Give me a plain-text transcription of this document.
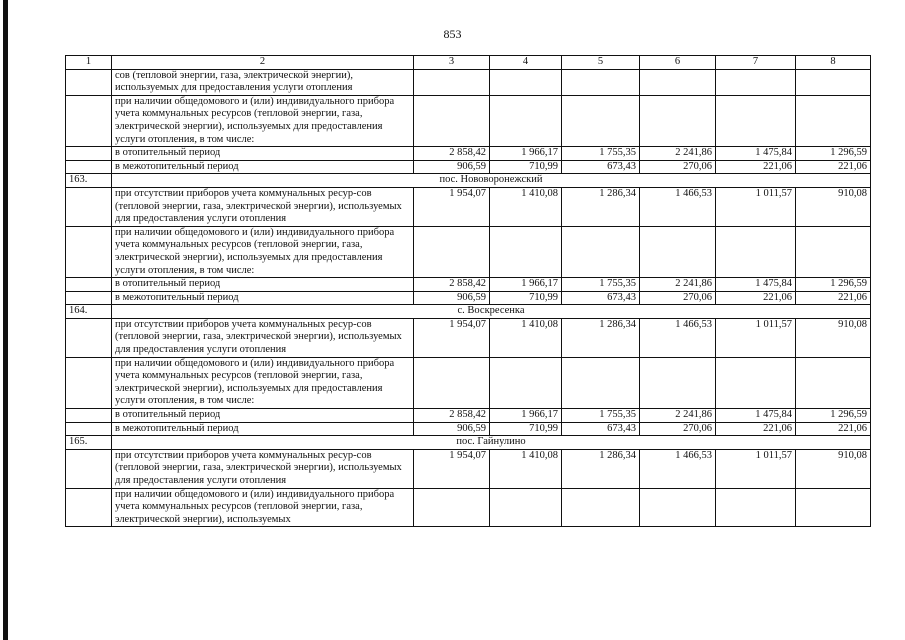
853
1	2	3	4	5	6	7	8
	сов (тепловой энергии, газа, электрической энергии), используемых для предоставления услуги отопления						
	при наличии общедомового и (или) индивидуального прибора учета коммунальных ресурсов (тепловой энергии, газа, электрической энергии), используемых для предоставления услуги отопления, в том числе:						
	в отопительный период	2 858,42	1 966,17	1 755,35	2 241,86	1 475,84	1 296,59
	в межотопительный период	906,59	710,99	673,43	270,06	221,06	221,06
163.	пос. Нововоронежский						
	при отсутствии приборов учета коммунальных ресур-сов (тепловой энергии, газа, электрической энергии), используемых для предоставления услуги отопления	1 954,07	1 410,08	1 286,34	1 466,53	1 011,57	910,08
	при наличии общедомового и (или) индивидуального прибора учета коммунальных ресурсов (тепловой энергии, газа, электрической энергии), используемых для предоставления услуги отопления, в том числе:						
	в отопительный период	2 858,42	1 966,17	1 755,35	2 241,86	1 475,84	1 296,59
	в межотопительный период	906,59	710,99	673,43	270,06	221,06	221,06
164.	с. Воскресенка						
	при отсутствии приборов учета коммунальных ресур-сов (тепловой энергии, газа, электрической энергии), используемых для предоставления услуги отопления	1 954,07	1 410,08	1 286,34	1 466,53	1 011,57	910,08
	при наличии общедомового и (или) индивидуального прибора учета коммунальных ресурсов (тепловой энергии, газа, электрической энергии), используемых для предоставления услуги отопления, в том числе:						
	в отопительный период	2 858,42	1 966,17	1 755,35	2 241,86	1 475,84	1 296,59
	в межотопительный период	906,59	710,99	673,43	270,06	221,06	221,06
165.	пос. Гайнулино						
	при отсутствии приборов учета коммунальных ресур-сов (тепловой энергии, газа, электрической энергии), используемых для предоставления услуги отопления	1 954,07	1 410,08	1 286,34	1 466,53	1 011,57	910,08
	при наличии общедомового и (или) индивидуального прибора учета коммунальных ресурсов (тепловой энергии, газа, электрической энергии), используемых						
